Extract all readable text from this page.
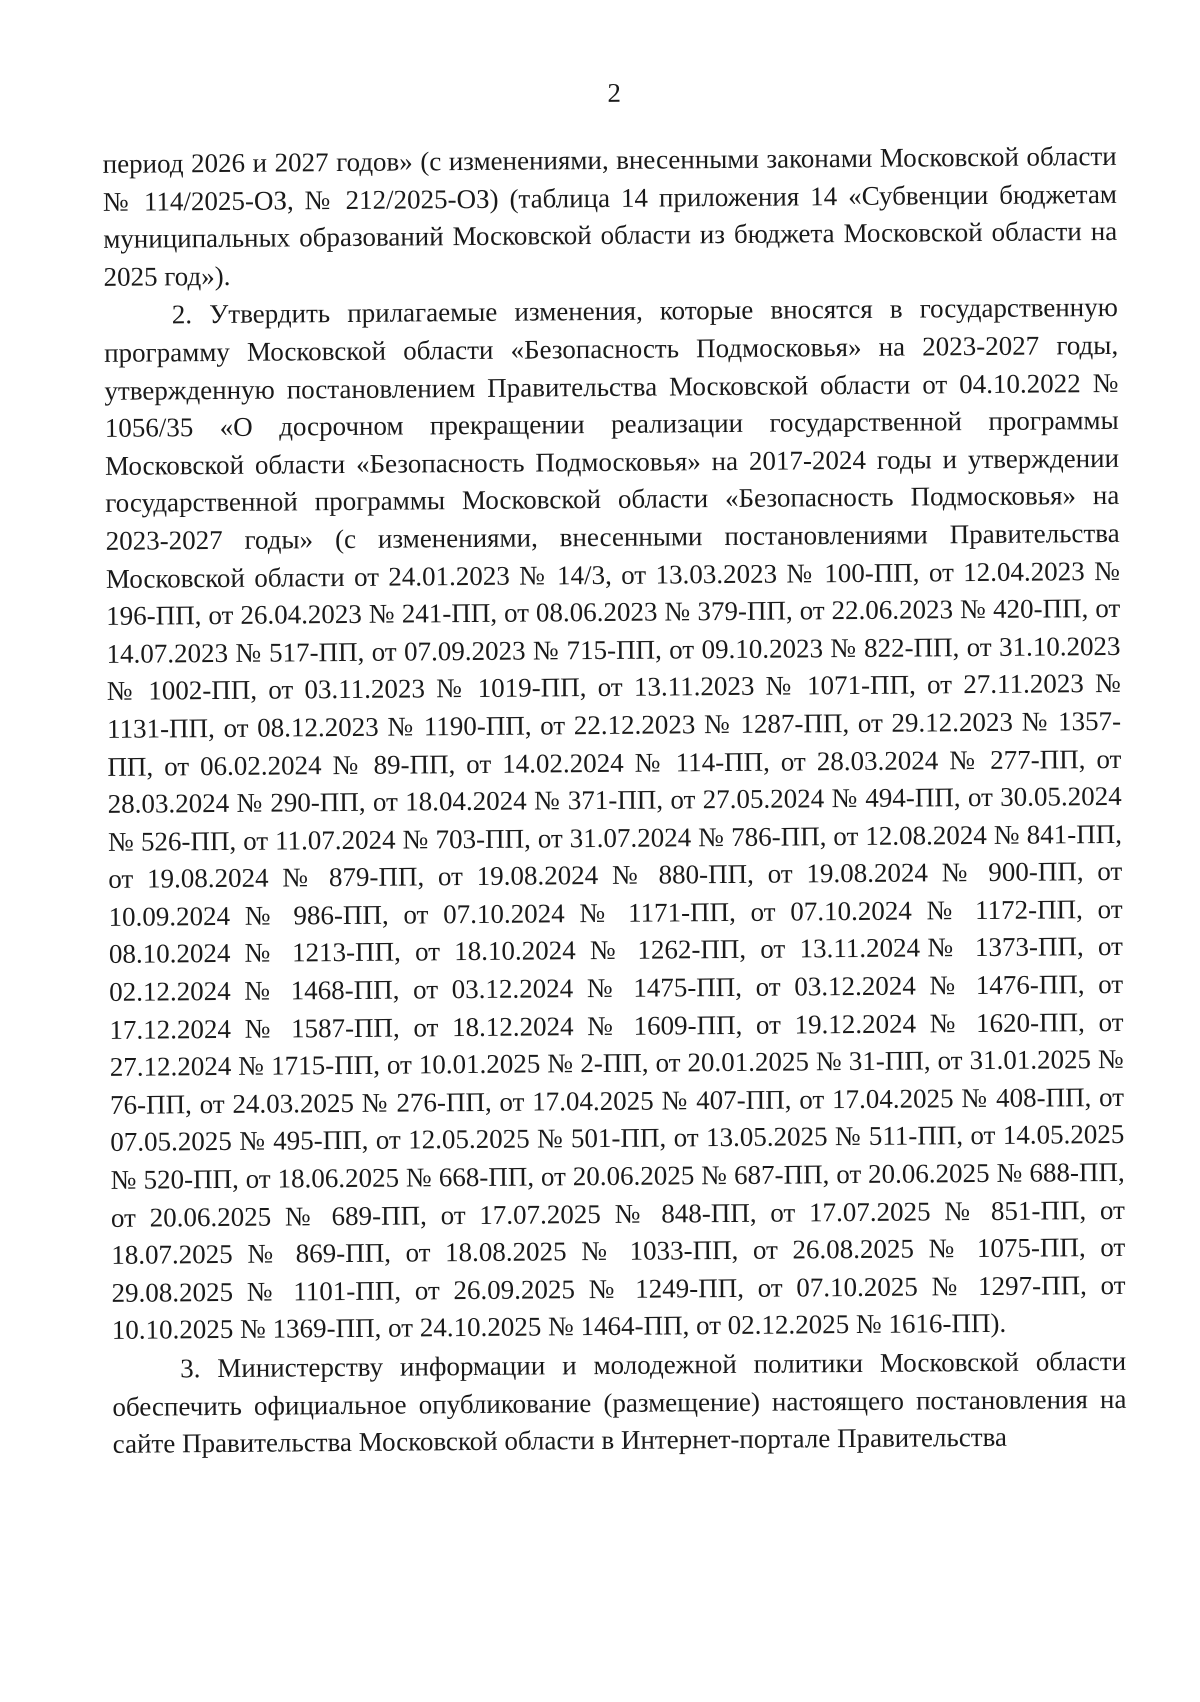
2

период 2026 и 2027 годов» (с изменениями, внесенными законами Московской области № 114/2025-ОЗ, № 212/2025-ОЗ) (таблица 14 приложения 14 «Субвенции бюджетам муниципальных образований Московской области из бюджета Московской области на 2025 год»).

2. Утвердить прилагаемые изменения, которые вносятся в государственную программу Московской области «Безопасность Подмосковья» на 2023-2027 годы, утвержденную постановлением Правительства Московской области от 04.10.2022 № 1056/35 «О досрочном прекращении реализации государственной программы Московской области «Безопасность Подмосковья» на 2017-2024 годы и утверждении государственной программы Московской области «Безопасность Подмосковья» на 2023-2027 годы» (с изменениями, внесенными постановлениями Правительства Московской области от 24.01.2023 № 14/3, от 13.03.2023 № 100-ПП, от 12.04.2023 № 196-ПП, от 26.04.2023 № 241-ПП, от 08.06.2023 № 379-ПП, от 22.06.2023 № 420-ПП, от 14.07.2023 № 517-ПП, от 07.09.2023 № 715-ПП, от 09.10.2023 № 822-ПП, от 31.10.2023 № 1002-ПП, от 03.11.2023 № 1019-ПП, от 13.11.2023 № 1071-ПП, от 27.11.2023 № 1131-ПП, от 08.12.2023 № 1190-ПП, от 22.12.2023 № 1287-ПП, от 29.12.2023 № 1357-ПП, от 06.02.2024 № 89-ПП, от 14.02.2024 № 114-ПП, от 28.03.2024 № 277-ПП, от 28.03.2024 № 290-ПП, от 18.04.2024 № 371-ПП, от 27.05.2024 № 494-ПП, от 30.05.2024 № 526-ПП, от 11.07.2024 № 703-ПП, от 31.07.2024 № 786-ПП, от 12.08.2024 № 841-ПП, от 19.08.2024 № 879-ПП, от 19.08.2024 № 880-ПП, от 19.08.2024 № 900-ПП, от 10.09.2024 № 986-ПП, от 07.10.2024 № 1171-ПП, от 07.10.2024 № 1172-ПП, от 08.10.2024 № 1213-ПП, от 18.10.2024 № 1262-ПП, от 13.11.2024№ 1373-ПП, от 02.12.2024 № 1468-ПП, от 03.12.2024 № 1475-ПП, от 03.12.2024 № 1476-ПП, от 17.12.2024 № 1587-ПП, от 18.12.2024 № 1609-ПП, от 19.12.2024 № 1620-ПП, от 27.12.2024 № 1715-ПП, от 10.01.2025 № 2-ПП, от 20.01.2025 № 31-ПП, от 31.01.2025 № 76-ПП, от 24.03.2025 № 276-ПП, от 17.04.2025 № 407-ПП, от 17.04.2025 № 408-ПП, от 07.05.2025 № 495-ПП, от 12.05.2025 № 501-ПП, от 13.05.2025 № 511-ПП, от 14.05.2025 № 520-ПП, от 18.06.2025 № 668-ПП, от 20.06.2025 № 687-ПП, от 20.06.2025 № 688-ПП, от 20.06.2025 № 689-ПП, от 17.07.2025 № 848-ПП, от 17.07.2025 № 851-ПП, от 18.07.2025 № 869-ПП, от 18.08.2025 № 1033-ПП, от 26.08.2025 № 1075-ПП, от 29.08.2025 № 1101-ПП, от 26.09.2025 № 1249-ПП, от 07.10.2025 № 1297-ПП, от 10.10.2025 № 1369-ПП, от 24.10.2025 № 1464-ПП, от 02.12.2025 № 1616-ПП).

3. Министерству информации и молодежной политики Московской области обеспечить официальное опубликование (размещение) настоящего постановления на сайте Правительства Московской области в Интернет-портале Правительства
